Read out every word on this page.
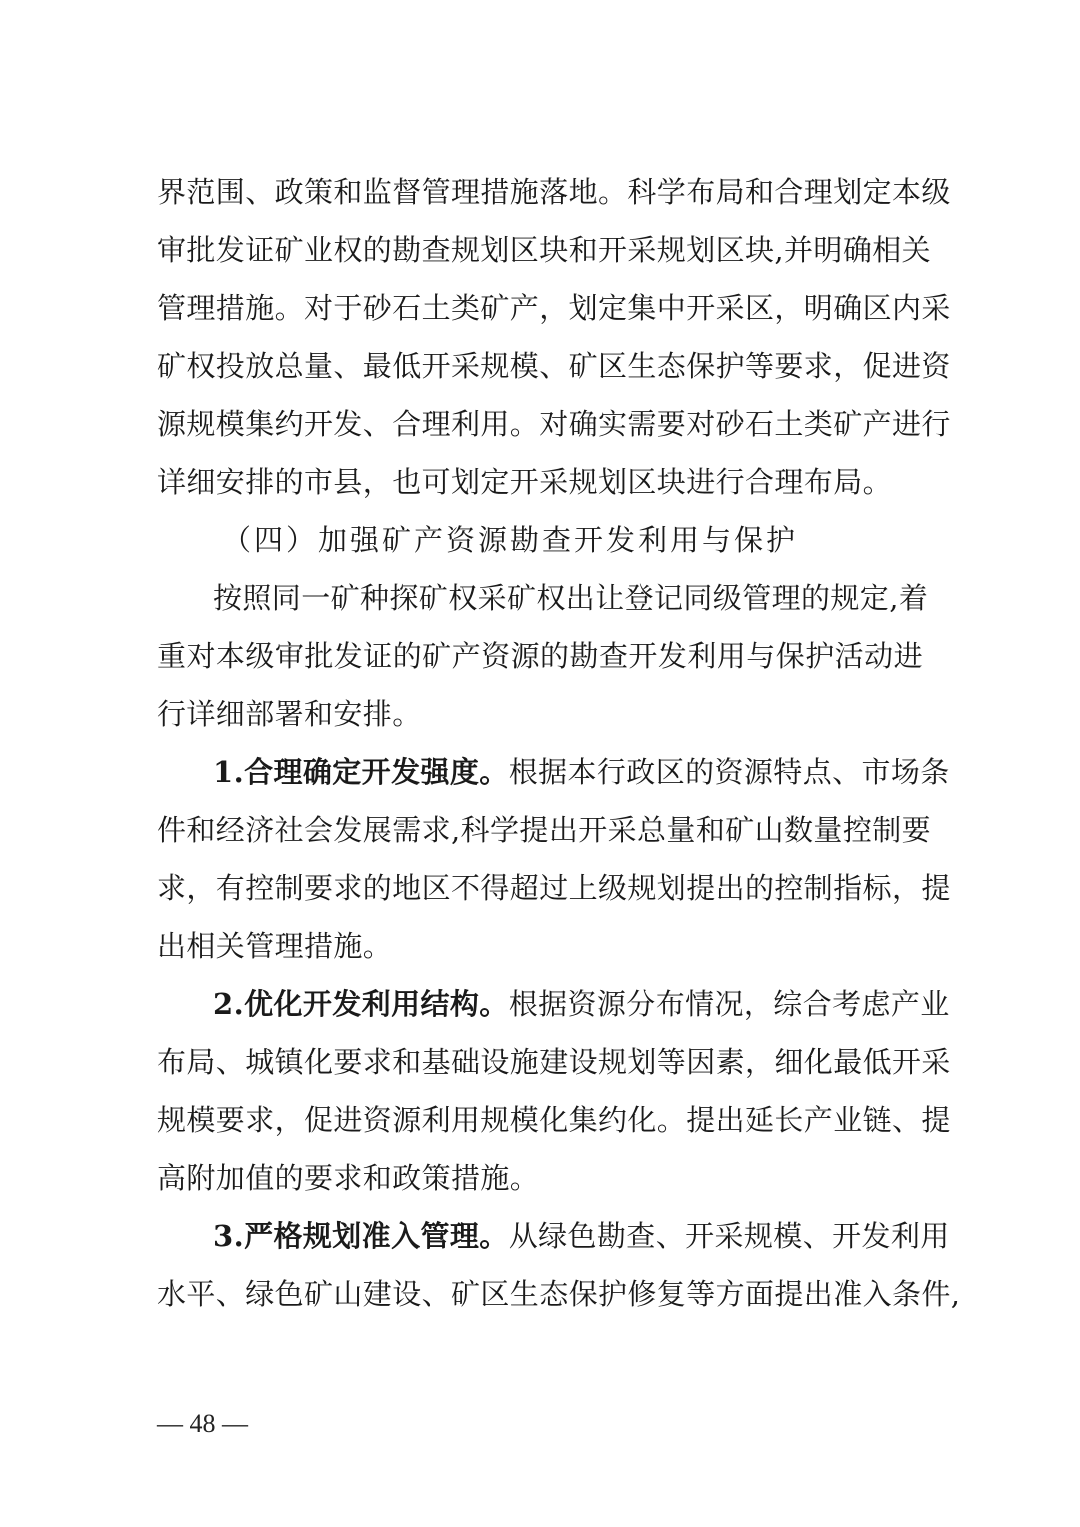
界范围、政策和监督管理措施落地。科学布局和合理划定本级
审批发证矿业权的勘查规划区块和开采规划区块,并明确相关
管理措施。对于砂石土类矿产，划定集中开采区，明确区内采
矿权投放总量、最低开采规模、矿区生态保护等要求，促进资
源规模集约开发、合理利用。对确实需要对砂石土类矿产进行
详细安排的市县，也可划定开采规划区块进行合理布局。
（四）加强矿产资源勘查开发利用与保护
按照同一矿种探矿权采矿权出让登记同级管理的规定,着
重对本级审批发证的矿产资源的勘查开发利用与保护活动进
行详细部署和安排。
1.合理确定开发强度。根据本行政区的资源特点、市场条
件和经济社会发展需求,科学提出开采总量和矿山数量控制要
求，有控制要求的地区不得超过上级规划提出的控制指标，提
出相关管理措施。
2.优化开发利用结构。根据资源分布情况，综合考虑产业
布局、城镇化要求和基础设施建设规划等因素，细化最低开采
规模要求，促进资源利用规模化集约化。提出延长产业链、提
高附加值的要求和政策措施。
3.严格规划准入管理。从绿色勘查、开采规模、开发利用
水平、绿色矿山建设、矿区生态保护修复等方面提出准入条件,
— 48 —
